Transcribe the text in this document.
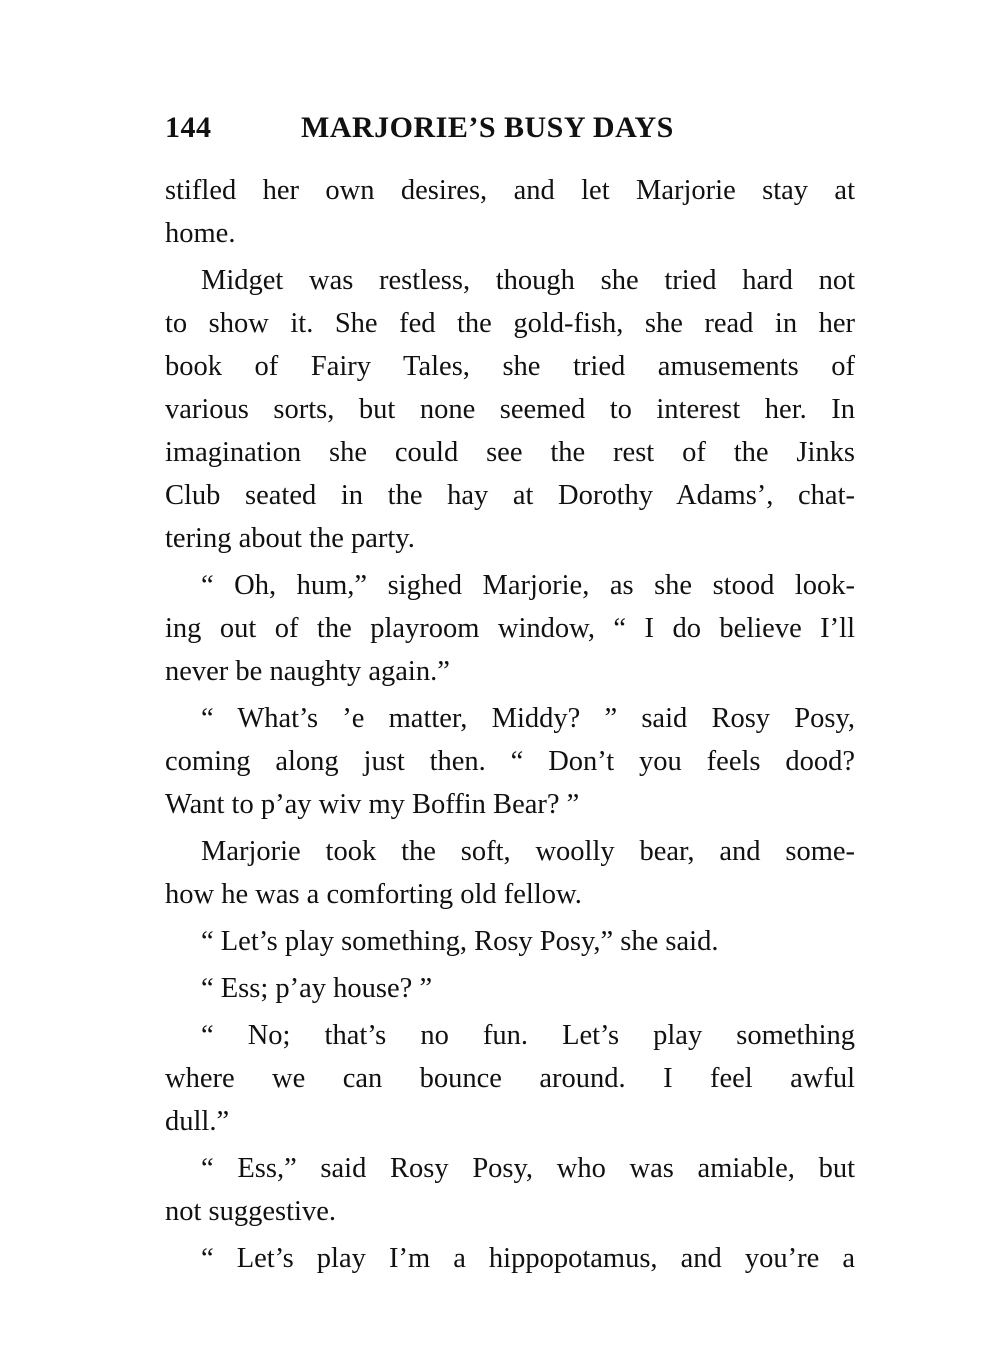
144	MARJORIE’S BUSY DAYS
stifled her own desires, and let Marjorie stay at
home.
Midget was restless, though she tried hard not
to show it. She fed the gold-fish, she read in her
book of Fairy Tales, she tried amusements of
various sorts, but none seemed to interest her. In
imagination she could see the rest of the Jinks
Club seated in the hay at Dorothy Adams’, chat-
tering about the party.
“ Oh, hum,” sighed Marjorie, as she stood look-
ing out of the playroom window, “ I do believe I’ll
never be naughty again.”
“ What’s ’e matter, Middy? ” said Rosy Posy,
coming along just then. “ Don’t you feels dood?
Want to p’ay wiv my Boffin Bear? ”
Marjorie took the soft, woolly bear, and some-
how he was a comforting old fellow.
“ Let’s play something, Rosy Posy,” she said.
“ Ess; p’ay house? ”
“ No; that’s no fun. Let’s play something
where we can bounce around. I feel awful
dull.”
“ Ess,” said Rosy Posy, who was amiable, but
not suggestive.
“ Let’s play I’m a hippopotamus, and you’re a
